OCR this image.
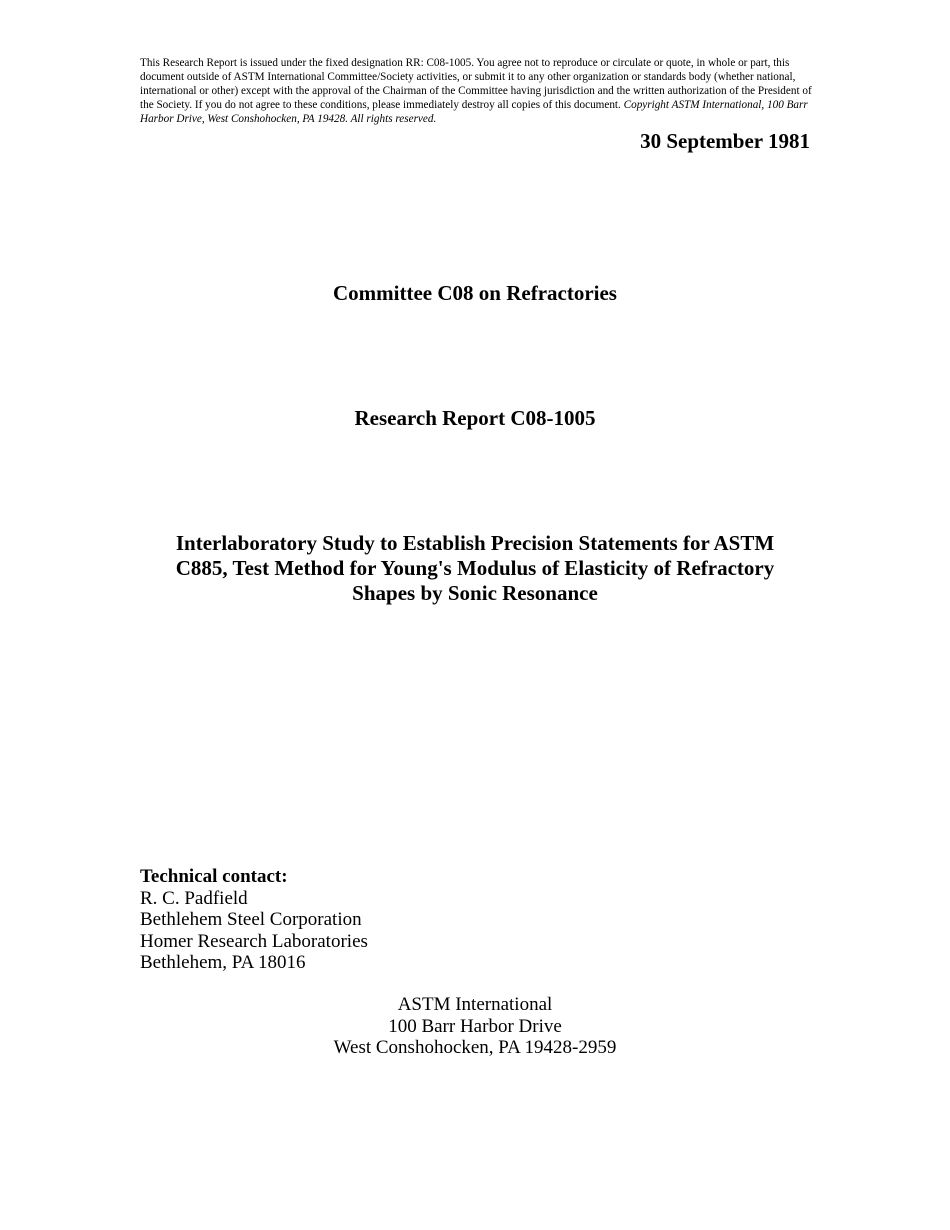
This Research Report is issued under the fixed designation RR: C08-1005. You agree not to reproduce or circulate or quote, in whole or part, this document outside of ASTM International Committee/Society activities, or submit it to any other organization or standards body (whether national, international or other) except with the approval of the Chairman of the Committee having jurisdiction and the written authorization of the President of the Society. If you do not agree to these conditions, please immediately destroy all copies of this document. Copyright ASTM International, 100 Barr Harbor Drive, West Conshohocken, PA 19428. All rights reserved.

30 September 1981

Committee C08 on Refractories

Research Report C08-1005

Interlaboratory Study to Establish Precision Statements for ASTM C885, Test Method for Young's Modulus of Elasticity of Refractory Shapes by Sonic Resonance

Technical contact:
R. C. Padfield
Bethlehem Steel Corporation
Homer Research Laboratories
Bethlehem, PA 18016
ASTM International
100 Barr Harbor Drive
West Conshohocken, PA 19428-2959
